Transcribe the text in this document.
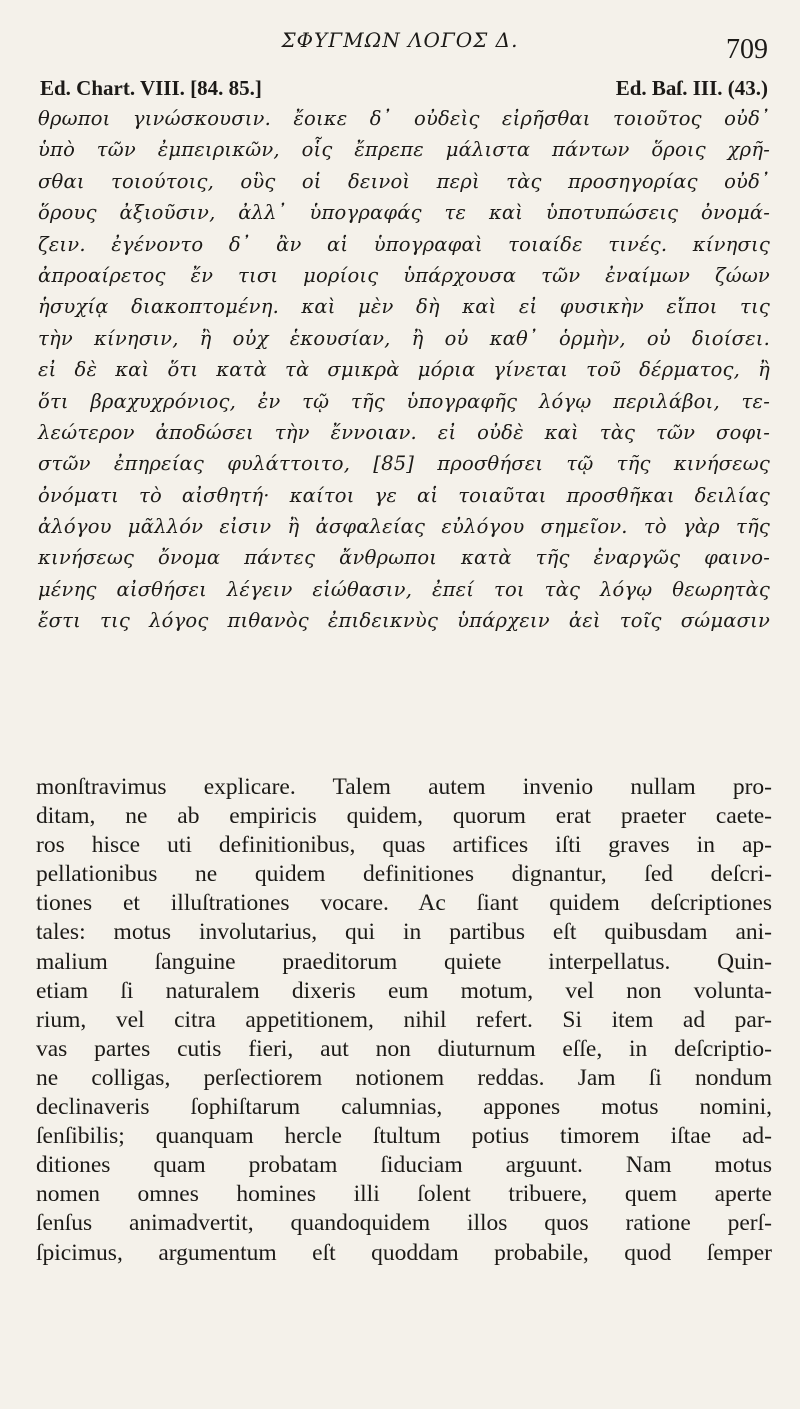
ΣΦΥΓΜΩΝ ΛΟΓΟΣ Δ.	709
Ed. Chart. VIII. [84. 85.]	Ed. Baſ. III. (43.)
θρωποι γινώσκουσιν. ἔοικε δ᾽ οὐδεὶς εἰρῆσθαι τοιοῦτος οὐδ᾽
ὑπὸ τῶν ἐμπειρικῶν, οἷς ἔπρεπε μάλιστα πάντων ὅροις χρῆ-
σθαι τοιούτοις, οὓς οἱ δεινοὶ περὶ τὰς προσηγορίας οὐδ᾽
ὅρους ἀξιοῦσιν, ἀλλ᾽ ὑπογραφάς τε καὶ ὑποτυπώσεις ὀνομά-
ζειν. ἐγένοντο δ᾽ ἂν αἱ ὑπογραφαὶ τοιαίδε τινές. κίνησις
ἀπροαίρετος ἔν τισι μορίοις ὑπάρχουσα τῶν ἐναίμων ζώων
ἡσυχίᾳ διακοπτομένη. καὶ μὲν δὴ καὶ εἰ φυσικὴν εἴποι τις
τὴν κίνησιν, ἢ οὐχ ἑκουσίαν, ἢ οὐ καθ᾽ ὁρμὴν, οὐ διοίσει.
εἰ δὲ καὶ ὅτι κατὰ τὰ σμικρὰ μόρια γίνεται τοῦ δέρματος, ἢ
ὅτι βραχυχρόνιος, ἐν τῷ τῆς ὑπογραφῆς λόγῳ περιλάβοι, τε-
λεώτερον ἀποδώσει τὴν ἔννοιαν. εἰ οὐδὲ καὶ τὰς τῶν σοφι-
στῶν ἐπηρείας φυλάττοιτο, [85] προσθήσει τῷ τῆς κινήσεως
ὀνόματι τὸ αἰσθητή· καίτοι γε αἱ τοιαῦται προσθῆκαι δειλίας
ἀλόγου μᾶλλόν εἰσιν ἢ ἀσφαλείας εὐλόγου σημεῖον. τὸ γὰρ τῆς
κινήσεως ὄνομα πάντες ἄνθρωποι κατὰ τῆς ἐναργῶς φαινο-
μένης αἰσθήσει λέγειν εἰώθασιν, ἐπεί τοι τὰς λόγῳ θεωρητὰς
ἔστι τις λόγος πιθανὸς ἐπιδεικνὺς ὑπάρχειν ἀεὶ τοῖς σώμασιν
monſtravimus explicare. Talem autem invenio nullam pro-
ditam, ne ab empiricis quidem, quorum erat praeter caete-
ros hisce uti definitionibus, quas artifices iſti graves in ap-
pellationibus ne quidem definitiones dignantur, ſed deſcri-
tiones et illuſtrationes vocare. Ac ſiant quidem deſcriptiones
tales: motus involutarius, qui in partibus eſt quibusdam ani-
malium ſanguine praeditorum quiete interpellatus. Quin-
etiam ſi naturalem dixeris eum motum, vel non volunta-
rium, vel citra appetitionem, nihil refert. Si item ad par-
vas partes cutis fieri, aut non diuturnum eſſe, in deſcriptio-
ne colligas, perſectiorem notionem reddas. Jam ſi nondum
declinaveris ſophiſtarum calumnias, appones motus nomini,
ſenſibilis; quanquam hercle ſtultum potius timorem iſtae ad-
ditiones quam probatam ſiduciam arguunt. Nam motus
nomen omnes homines illi ſolent tribuere, quem aperte
ſenſus animadvertit, quandoquidem illos quos ratione perſ-
ſpicimus, argumentum eſt quoddam probabile, quod ſemper
